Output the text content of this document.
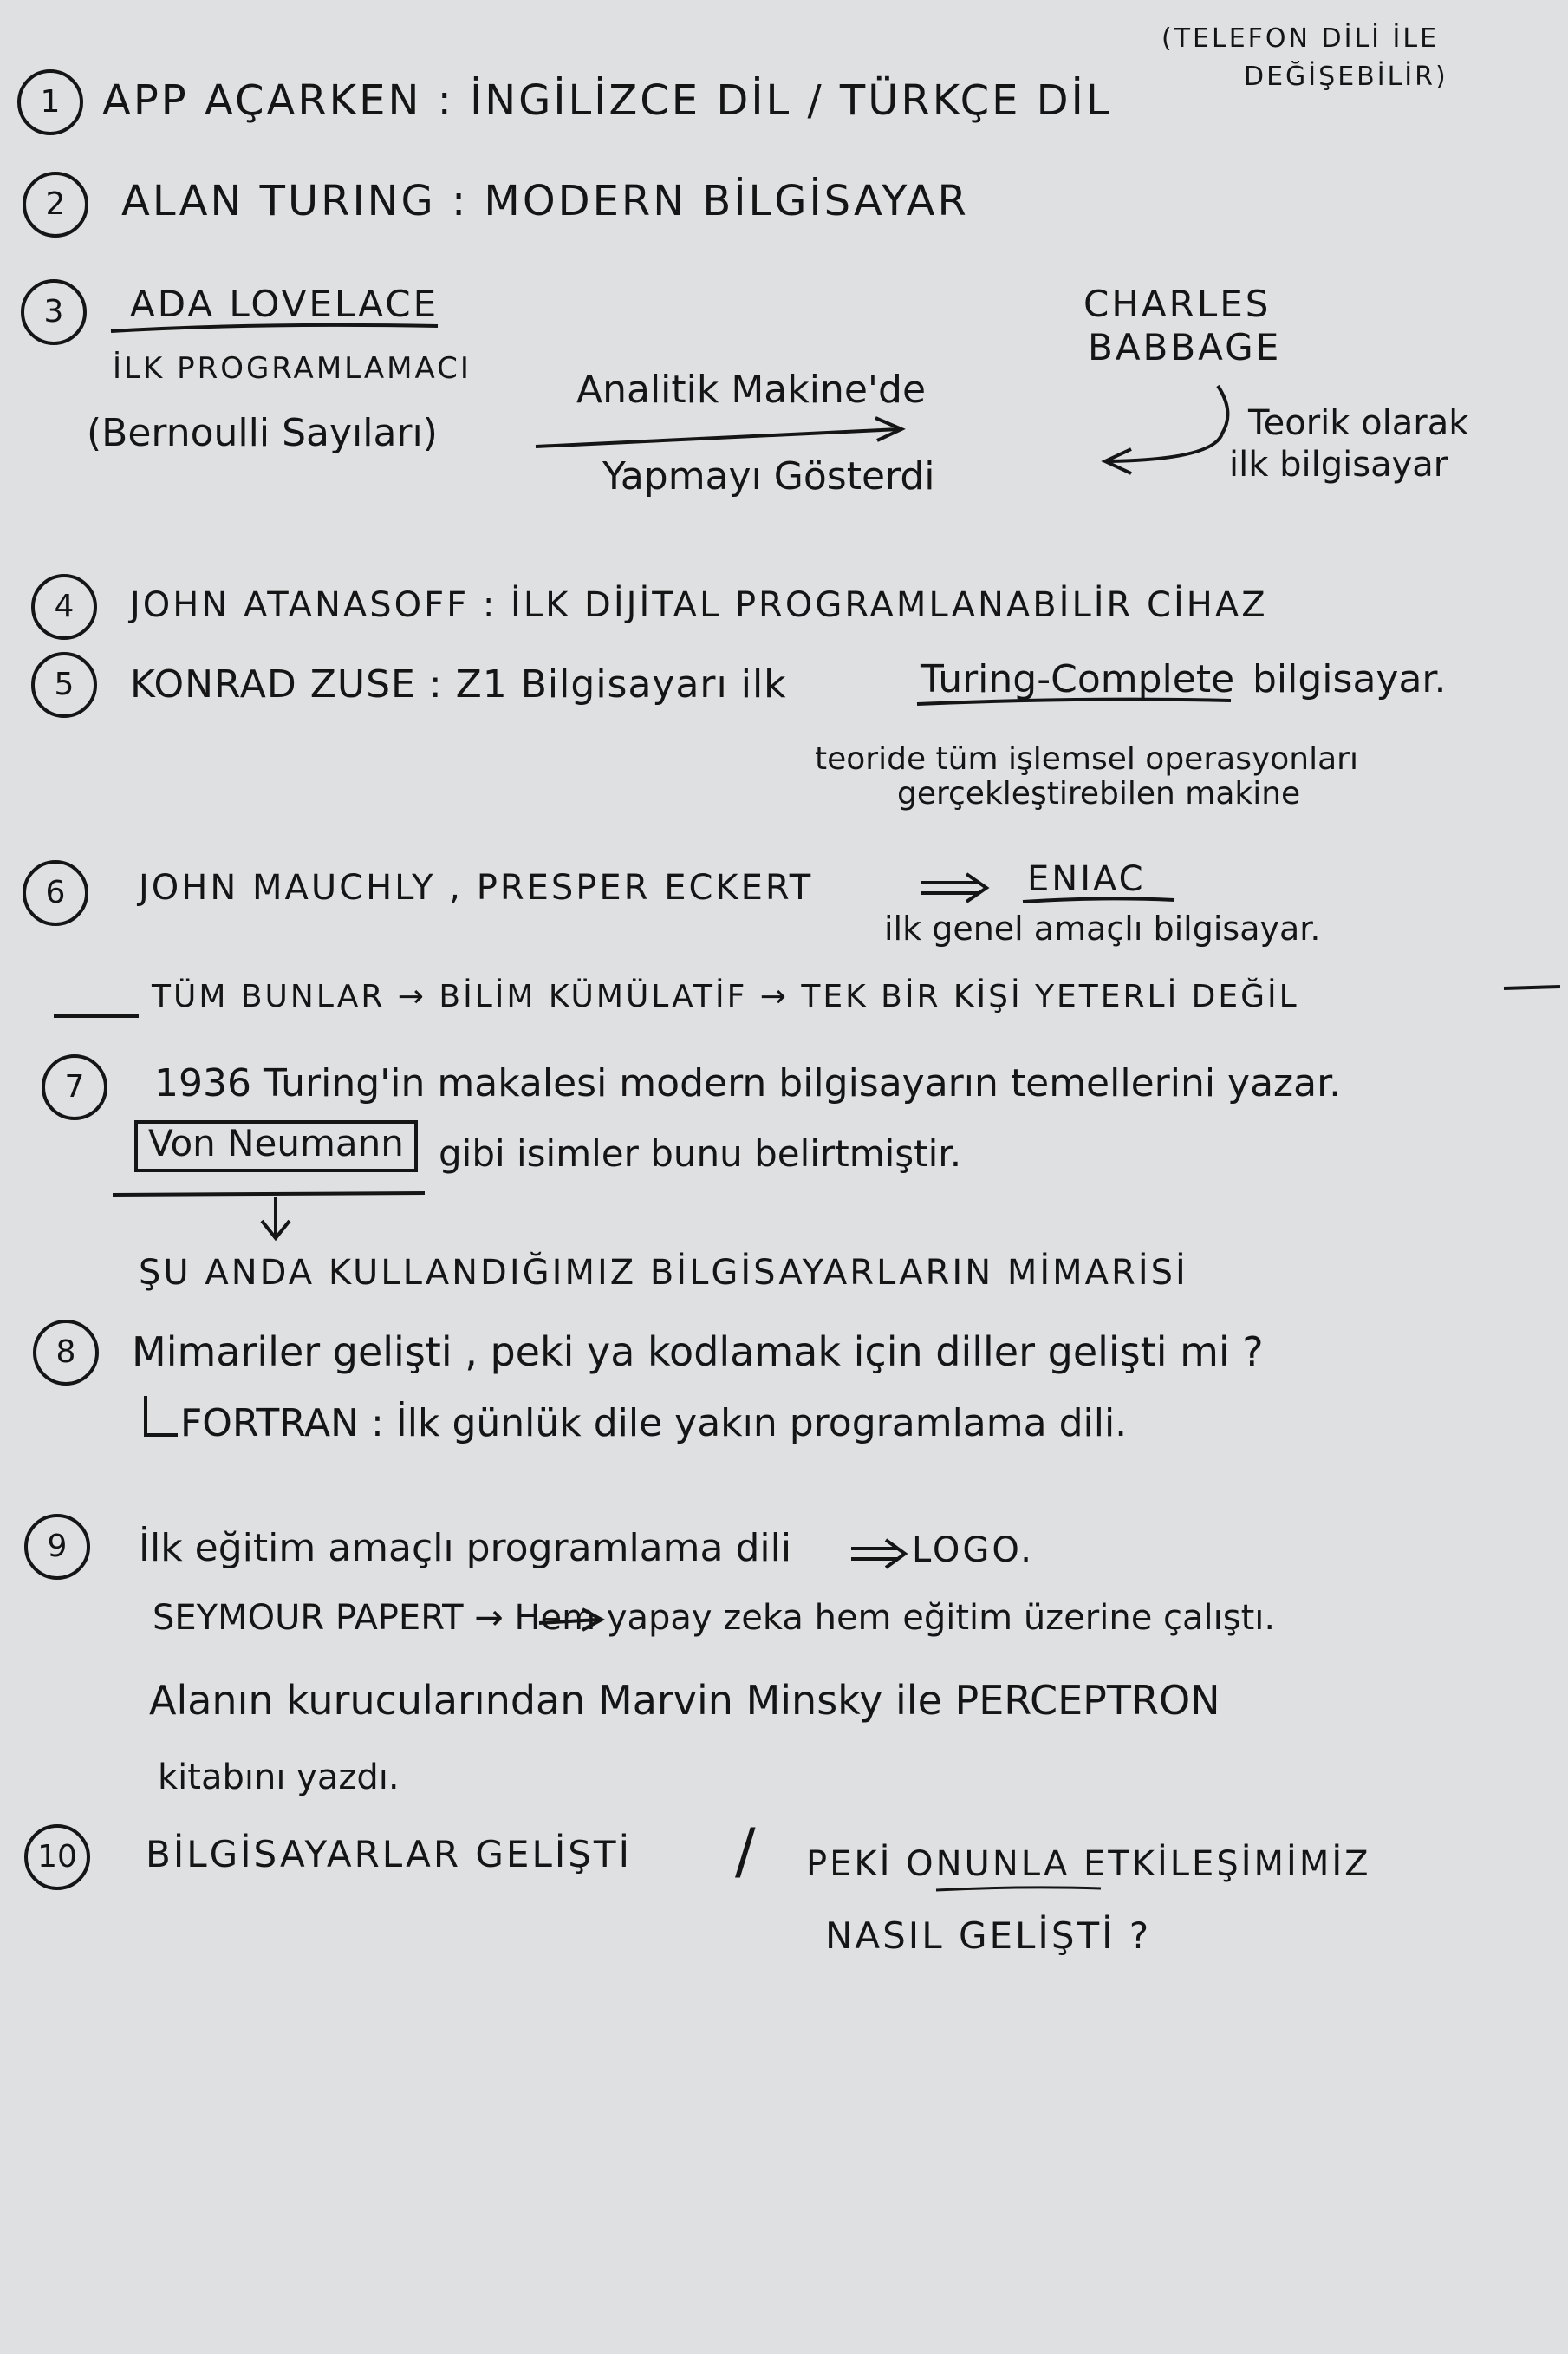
1	APP AÇARKEN : İNGİLİZCE DİL / TÜRKÇE DİL
(TELEFON DİLİ İLE
DEĞİŞEBİLİR)
2	ALAN TURING : MODERN BİLGİSAYAR
3	ADA LOVELACE
İLK PROGRAMLAMACI
(Bernoulli Sayıları)
Analitik Makine'de
Yapmayı Gösterdi
CHARLES
BABBAGE
Teorik olarak
ilk bilgisayar
4	JOHN ATANASOFF : İLK DİJİTAL PROGRAMLANABİLİR CİHAZ
5	KONRAD ZUSE : Z1 Bilgisayarı ilk	Turing-Complete bilgisayar.
teoride tüm işlemsel operasyonları
gerçekleştirebilen makine
6	JOHN MAUCHLY , PRESPER ECKERT	ENIAC
ilk genel amaçlı bilgisayar.
TÜM BUNLAR → BİLİM KÜMÜLATİF → TEK BİR KİŞİ YETERLİ DEĞİL
7	1936 Turing'in makalesi modern bilgisayarın temellerini yazar.
Von Neumann gibi isimler bunu belirtmiştir.
ŞU ANDA KULLANDIĞIMIZ BİLGİSAYARLARIN MİMARİSİ
8	Mimariler gelişti , peki ya kodlamak için diller gelişti mi ?
FORTRAN : İlk günlük dile yakın programlama dili.
9	İlk eğitim amaçlı programlama dili	LOGO.
SEYMOUR PAPERT → Hem yapay zeka hem eğitim üzerine çalıştı.
Alanın kurucularından Marvin Minsky ile PERCEPTRON
kitabını yazdı.
10	BİLGİSAYARLAR GELİŞTİ / PEKİ ONUNLA ETKİLEŞİMİMİZ
NASIL GELİŞTİ ?
